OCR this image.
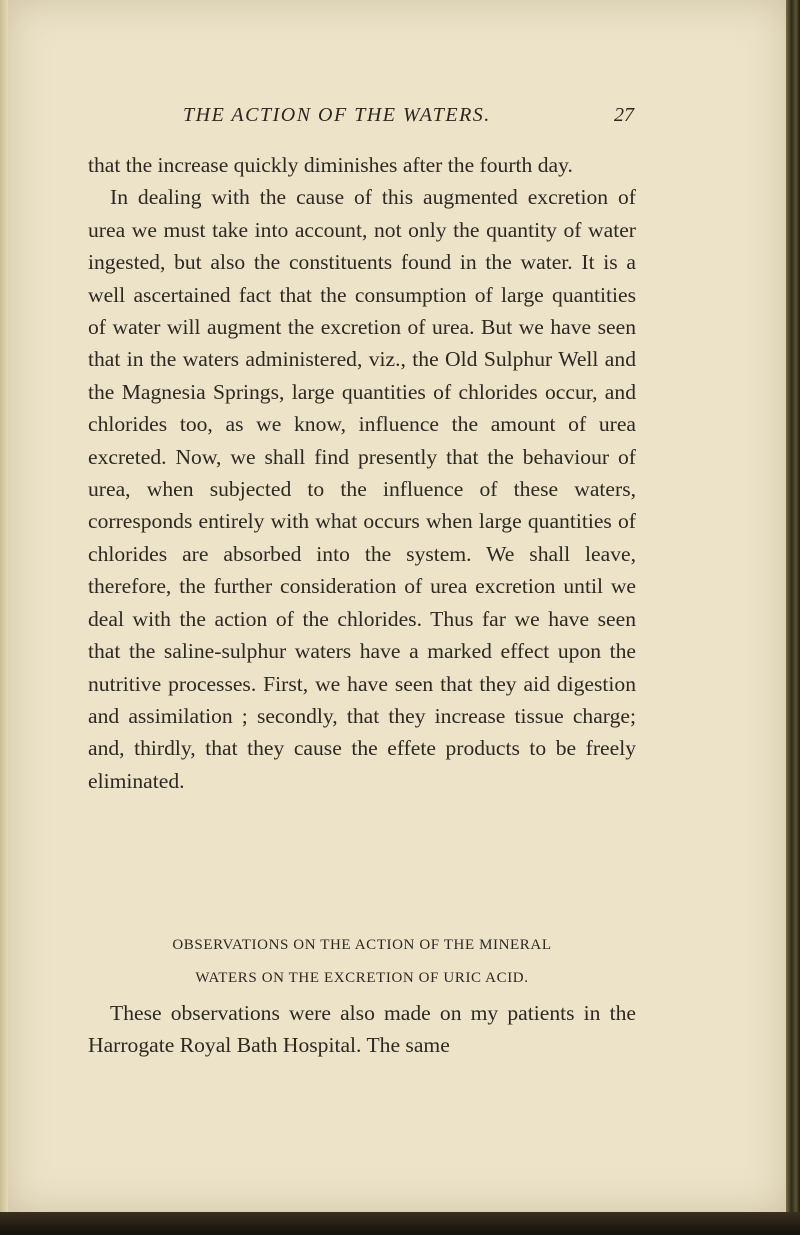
THE ACTION OF THE WATERS.	27

that the increase quickly diminishes after the fourth day.

In dealing with the cause of this augmented excretion of urea we must take into account, not only the quantity of water ingested, but also the constituents found in the water. It is a well ascertained fact that the consumption of large quantities of water will augment the excretion of urea. But we have seen that in the waters administered, viz., the Old Sulphur Well and the Magnesia Springs, large quantities of chlorides occur, and chlorides too, as we know, influence the amount of urea excreted. Now, we shall find presently that the behaviour of urea, when subjected to the influence of these waters, corresponds entirely with what occurs when large quantities of chlorides are absorbed into the system. We shall leave, therefore, the further consideration of urea excretion until we deal with the action of the chlorides. Thus far we have seen that the saline-sulphur waters have a marked effect upon the nutritive processes. First, we have seen that they aid digestion and assimilation ; secondly, that they increase tissue charge; and, thirdly, that they cause the effete products to be freely eliminated.

OBSERVATIONS ON THE ACTION OF THE MINERAL
WATERS ON THE EXCRETION OF URIC ACID.

These observations were also made on my patients in the Harrogate Royal Bath Hospital. The same
